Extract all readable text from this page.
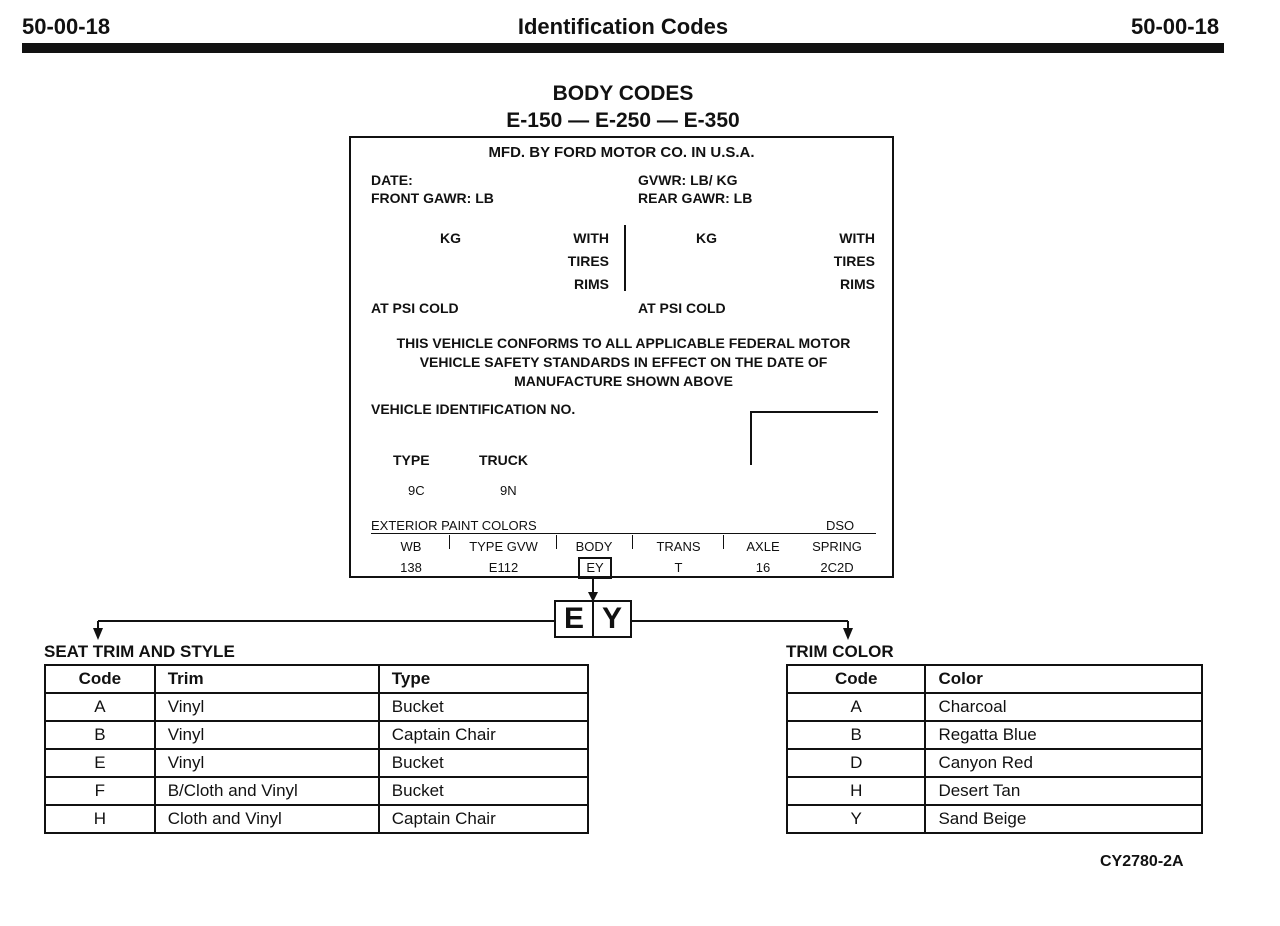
50-00-18	Identification Codes	50-00-18
BODY CODES
E-150 — E-250 — E-350
MFD. BY FORD MOTOR CO. IN U.S.A.
DATE:	GVWR: LB/ KG
FRONT GAWR: LB	REAR GAWR: LB
KG	WITH
TIRES
RIMS
KG	WITH
TIRES
RIMS
AT PSI COLD	AT PSI COLD
THIS VEHICLE CONFORMS TO ALL APPLICABLE FEDERAL MOTOR
VEHICLE SAFETY STANDARDS IN EFFECT ON THE DATE OF
MANUFACTURE SHOWN ABOVE
VEHICLE IDENTIFICATION NO.
TYPE	TRUCK
9C	9N
EXTERIOR PAINT COLORS	DSO
WB	TYPE GVW	BODY	TRANS	AXLE	SPRING
138	E112	EY	T	16	2C2D
E Y
SEAT TRIM AND STYLE
Code	Trim	Type
A	Vinyl	Bucket
B	Vinyl	Captain Chair
E	Vinyl	Bucket
F	B/Cloth and Vinyl	Bucket
H	Cloth and Vinyl	Captain Chair
TRIM COLOR
Code	Color
A	Charcoal
B	Regatta Blue
D	Canyon Red
H	Desert Tan
Y	Sand Beige
CY2780-2A
